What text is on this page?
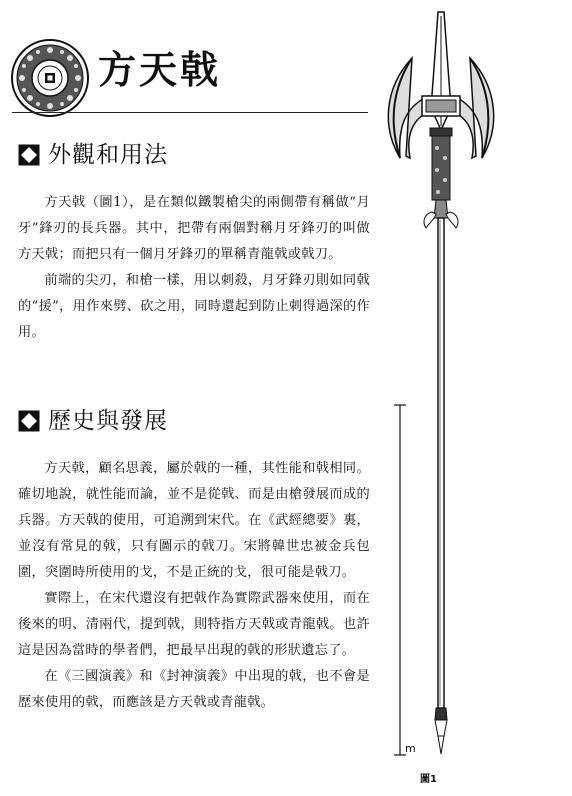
方天戟
外觀和用法

方天戟（圖1），是在類似鐵製槍尖的兩側帶有稱做“月牙”鋒刃的長兵器。其中，把帶有兩個對稱月牙鋒刃的叫做方天戟；而把只有一個月牙鋒刃的單稱青龍戟或戟刀。

前端的尖刃，和槍一樣，用以刺殺，月牙鋒刃則如同戟的“援”，用作來劈、砍之用，同時還起到防止刺得過深的作用。

歷史與發展

方天戟，顧名思義，屬於戟的一種，其性能和戟相同。確切地說，就性能而論，並不是從戟、而是由槍發展而成的兵器。方天戟的使用，可追溯到宋代。在《武經總要》裏，並沒有常見的戟，只有圖示的戟刀。宋將韓世忠被金兵包圍，突圍時所使用的戈，不是正統的戈，很可能是戟刀。

實際上，在宋代還沒有把戟作為實際武器來使用，而在後來的明、清兩代，提到戟，則特指方天戟或青龍戟。也許這是因為當時的學者們，把最早出現的戟的形狀遺忘了。

在《三國演義》和《封神演義》中出現的戟，也不會是歷來使用的戟，而應該是方天戟或青龍戟。

m
圖1
